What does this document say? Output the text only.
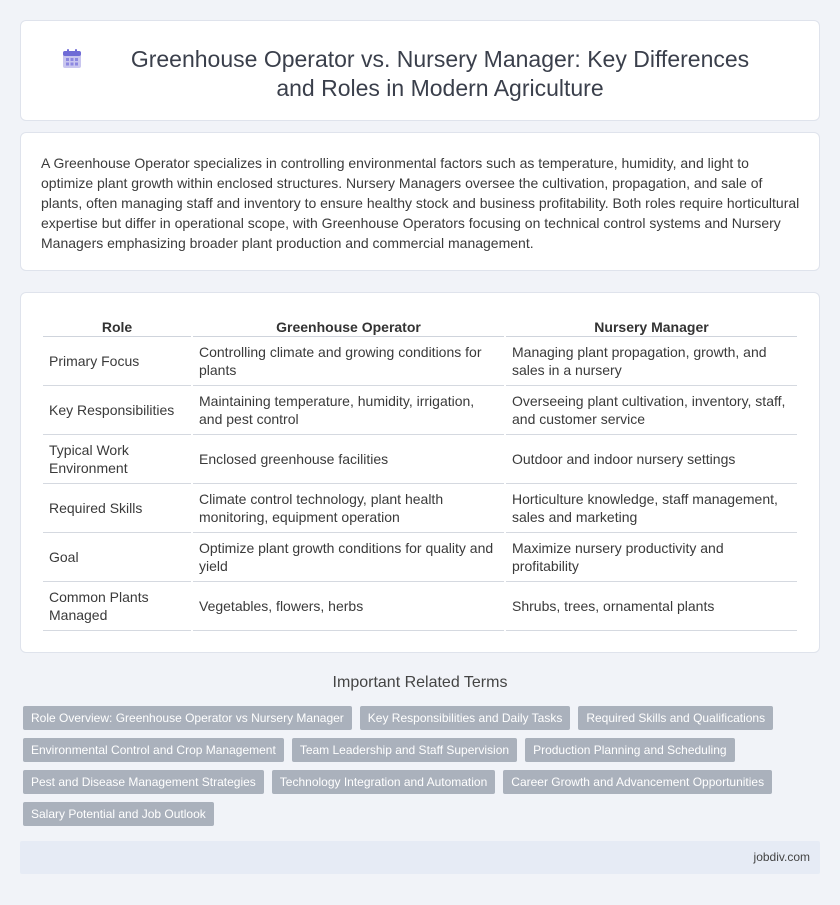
Greenhouse Operator vs. Nursery Manager: Key Differences and Roles in Modern Agriculture

A Greenhouse Operator specializes in controlling environmental factors such as temperature, humidity, and light to optimize plant growth within enclosed structures. Nursery Managers oversee the cultivation, propagation, and sale of plants, often managing staff and inventory to ensure healthy stock and business profitability. Both roles require horticultural expertise but differ in operational scope, with Greenhouse Operators focusing on technical control systems and Nursery Managers emphasizing broader plant production and commercial management.

Role	Greenhouse Operator	Nursery Manager
Primary Focus	Controlling climate and growing conditions for plants	Managing plant propagation, growth, and sales in a nursery
Key Responsibilities	Maintaining temperature, humidity, irrigation, and pest control	Overseeing plant cultivation, inventory, staff, and customer service
Typical Work Environment	Enclosed greenhouse facilities	Outdoor and indoor nursery settings
Required Skills	Climate control technology, plant health monitoring, equipment operation	Horticulture knowledge, staff management, sales and marketing
Goal	Optimize plant growth conditions for quality and yield	Maximize nursery productivity and profitability
Common Plants Managed	Vegetables, flowers, herbs	Shrubs, trees, ornamental plants
Important Related Terms
Role Overview: Greenhouse Operator vs Nursery Manager	Key Responsibilities and Daily Tasks	Required Skills and Qualifications
Environmental Control and Crop Management	Team Leadership and Staff Supervision	Production Planning and Scheduling
Pest and Disease Management Strategies	Technology Integration and Automation	Career Growth and Advancement Opportunities
Salary Potential and Job Outlook
jobdiv.com
